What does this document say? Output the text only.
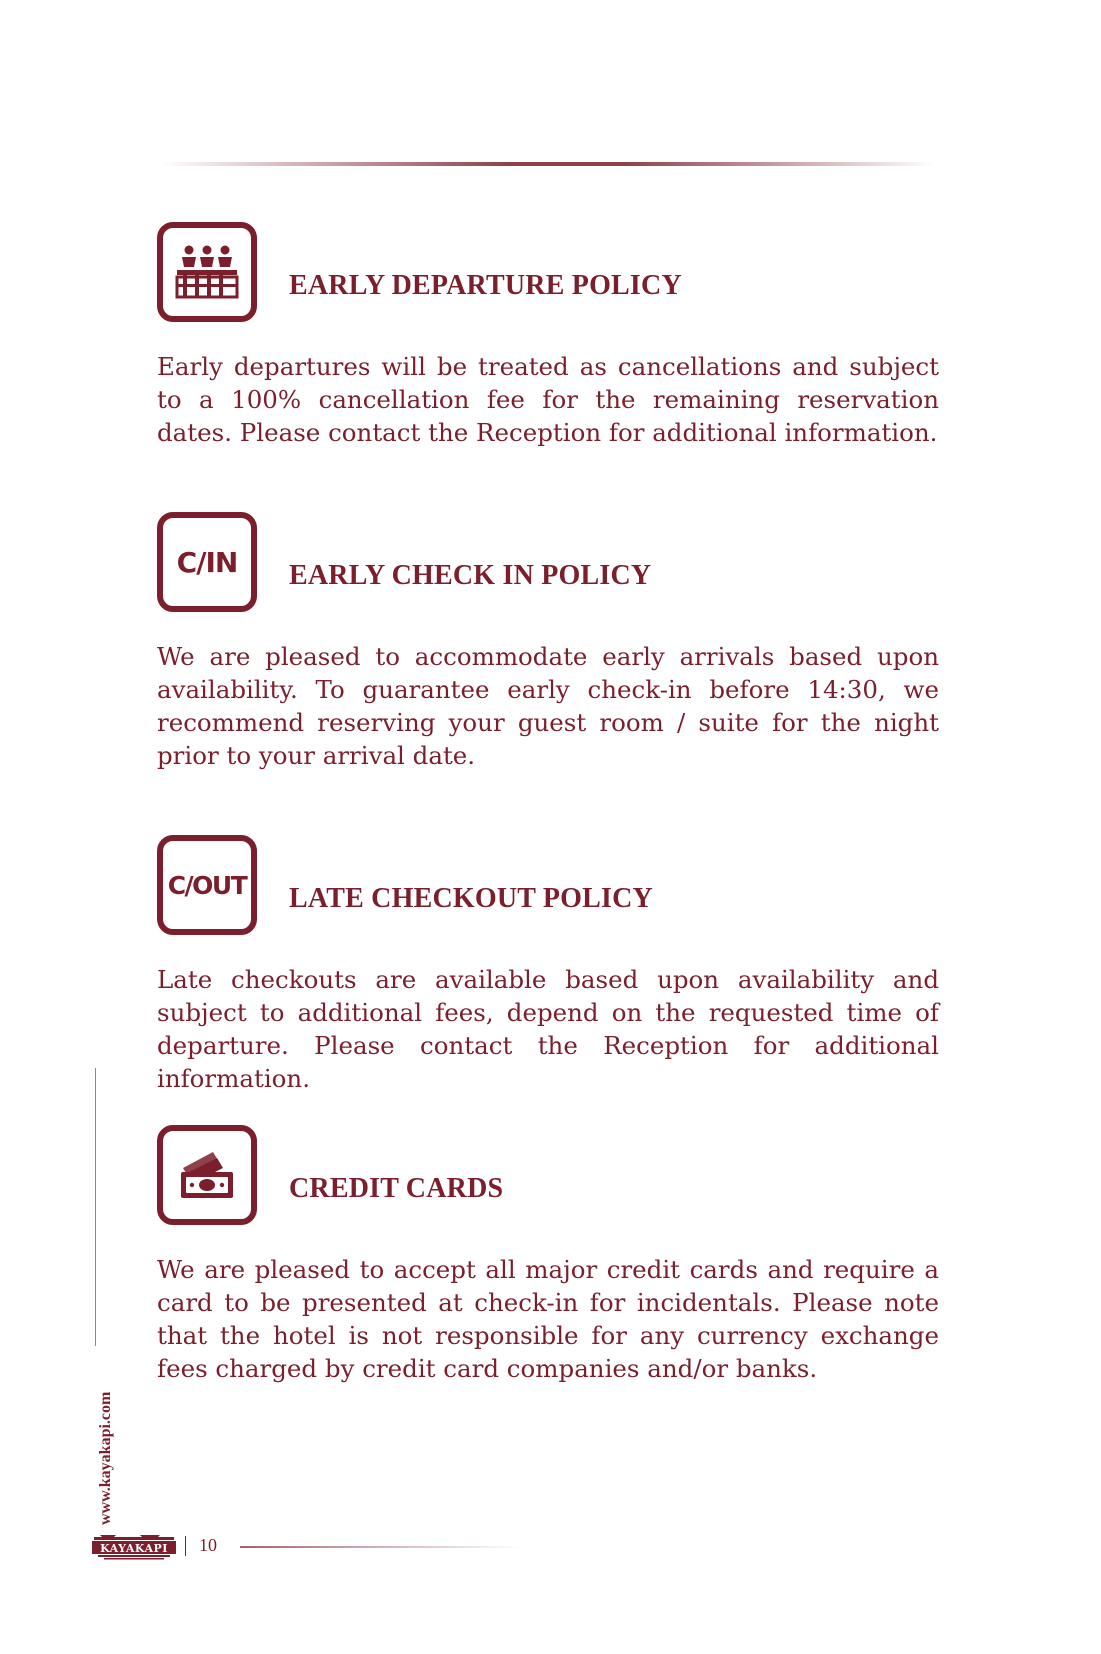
EARLY DEPARTURE POLICY

Early departures will be treated as cancellations and subject to a 100% cancellation fee for the remaining reservation dates. Please contact the Reception for additional information.

C/IN EARLY CHECK IN POLICY

We are pleased to accommodate early arrivals based upon availability. To guarantee early check-in before 14:30, we recommend reserving your guest room / suite for the night prior to your arrival date.

C/OUT LATE CHECKOUT POLICY

Late checkouts are available based upon availability and subject to additional fees, depend on the requested time of departure. Please contact the Reception for additional information.

CREDIT CARDS

We are pleased to accept all major credit cards and require a card to be presented at check-in for incidentals. Please note that the hotel is not responsible for any currency exchange fees charged by credit card companies and/or banks.

www.kayakapi.com
KAYAKAPI 10
